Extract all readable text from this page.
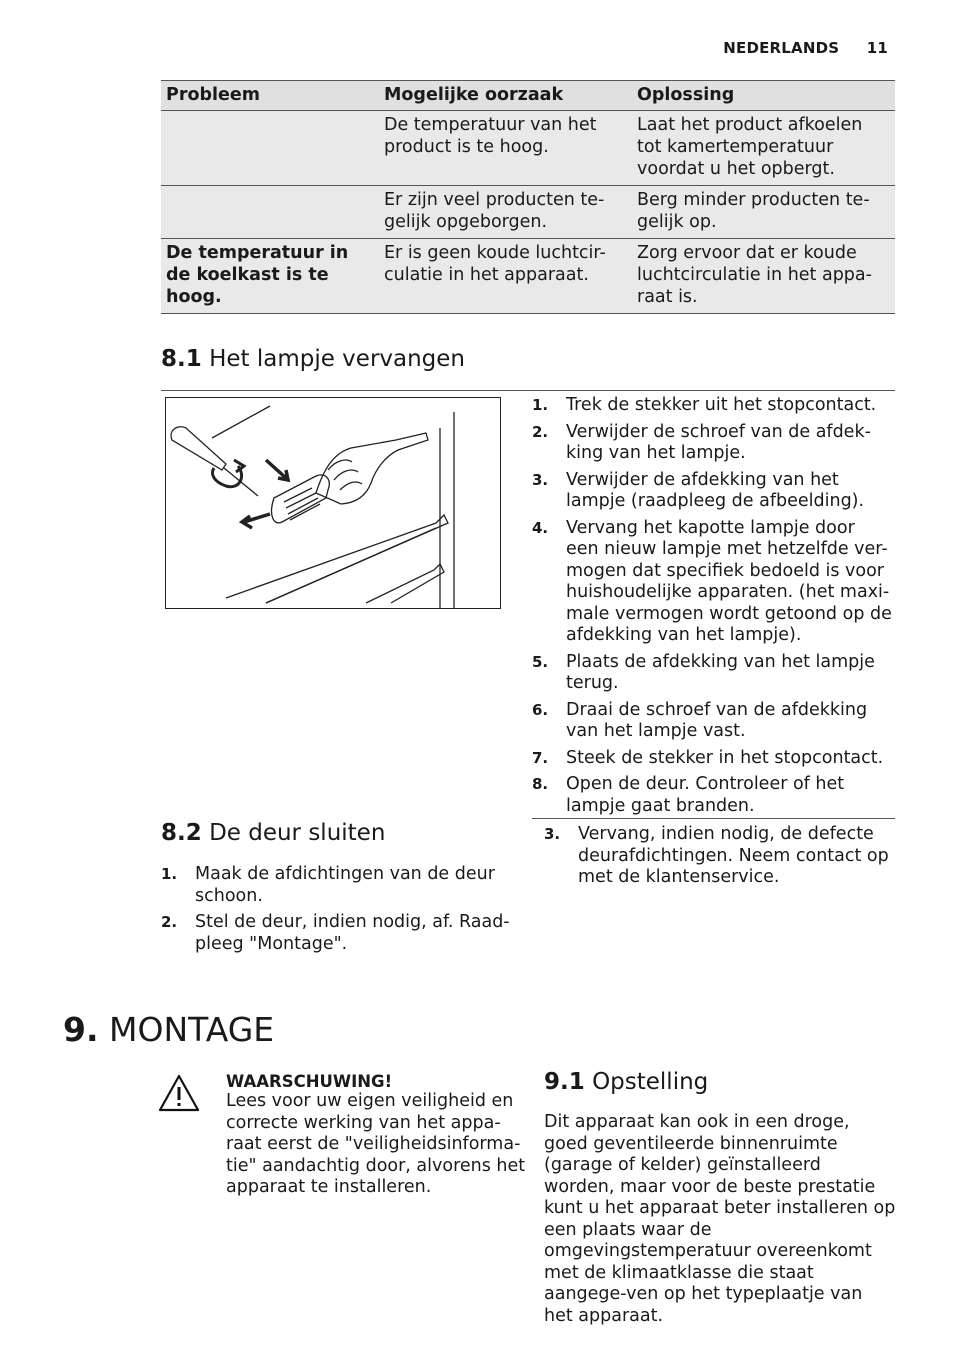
NEDERLANDS 11
Probleem	Mogelijke oorzaak	Oplossing
	De temperatuur van het product is te hoog.	Laat het product afkoelen tot kamertemperatuur voordat u het opbergt.
	Er zijn veel producten te-gelijk opgeborgen.	Berg minder producten te-gelijk op.
De temperatuur in de koelkast is te hoog.	Er is geen koude luchtcir-culatie in het apparaat.	Zorg ervoor dat er koude luchtcirculatie in het appa-raat is.
8.1 Het lampje vervangen
1. Trek de stekker uit het stopcontact.
2. Verwijder de schroef van de afdek-king van het lampje.
3. Verwijder de afdekking van het lampje (raadpleeg de afbeelding).
4. Vervang het kapotte lampje door een nieuw lampje met hetzelfde ver-mogen dat specifiek bedoeld is voor huishoudelijke apparaten. (het maxi-male vermogen wordt getoond op de afdekking van het lampje).
5. Plaats de afdekking van het lampje terug.
6. Draai de schroef van de afdekking van het lampje vast.
7. Steek de stekker in het stopcontact.
8. Open de deur. Controleer of het lampje gaat branden.
8.2 De deur sluiten
1. Maak de afdichtingen van de deur schoon.
2. Stel de deur, indien nodig, af. Raad-pleeg "Montage".
3. Vervang, indien nodig, de defecte deurafdichtingen. Neem contact op met de klantenservice.
9. MONTAGE
WAARSCHUWING!
Lees voor uw eigen veiligheid en correcte werking van het appa-raat eerst de "veiligheidsinforma-tie" aandachtig door, alvorens het apparaat te installeren.
9.1 Opstelling
Dit apparaat kan ook in een droge, goed geventileerde binnenruimte (garage of kelder) geïnstalleerd worden, maar voor de beste prestatie kunt u het apparaat beter installeren op een plaats waar de omgevingstemperatuur overeenkomt met de klimaatklasse die staat aangege-ven op het typeplaatje van het apparaat.
